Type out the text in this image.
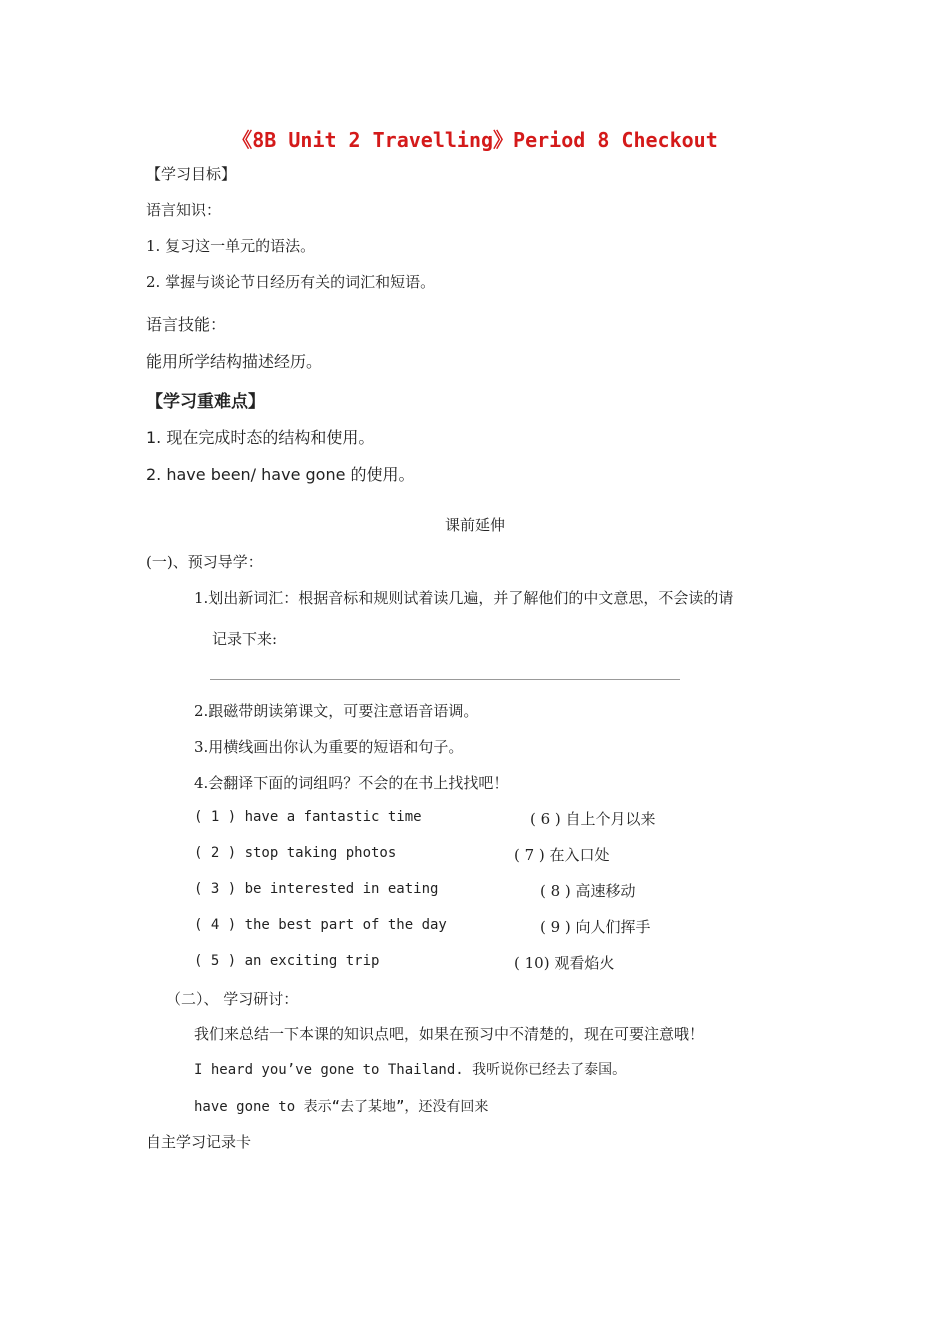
《8B Unit 2 Travelling》Period 8 Checkout
【学习目标】
语言知识：
1. 复习这一单元的语法。
2. 掌握与谈论节日经历有关的词汇和短语。
语言技能：
能用所学结构描述经历。
【学习重难点】
1. 现在完成时态的结构和使用。
2. have been/ have gone 的使用。
课前延伸
(一)、预习导学：
1.划出新词汇：根据音标和规则试着读几遍，并了解他们的中文意思，不会读的请
记录下来:
2.跟磁带朗读第课文，可要注意语音语调。
3.用横线画出你认为重要的短语和句子。
4.会翻译下面的词组吗？不会的在书上找找吧！
( 1 ) have a fantastic time
( 2 ) stop taking photos
( 3 ) be interested in eating
( 4 ) the best part of the day
( 5 ) an exciting trip
( 6 ) 自上个月以来
( 7 ) 在入口处
( 8 ) 高速移动
( 9 ) 向人们挥手
( 10) 观看焰火
（二）、 学习研讨：
我们来总结一下本课的知识点吧，如果在预习中不清楚的，现在可要注意哦！
I heard you’ve gone to Thailand. 我听说你已经去了泰国。
have gone to 表示“去了某地”，还没有回来
自主学习记录卡
